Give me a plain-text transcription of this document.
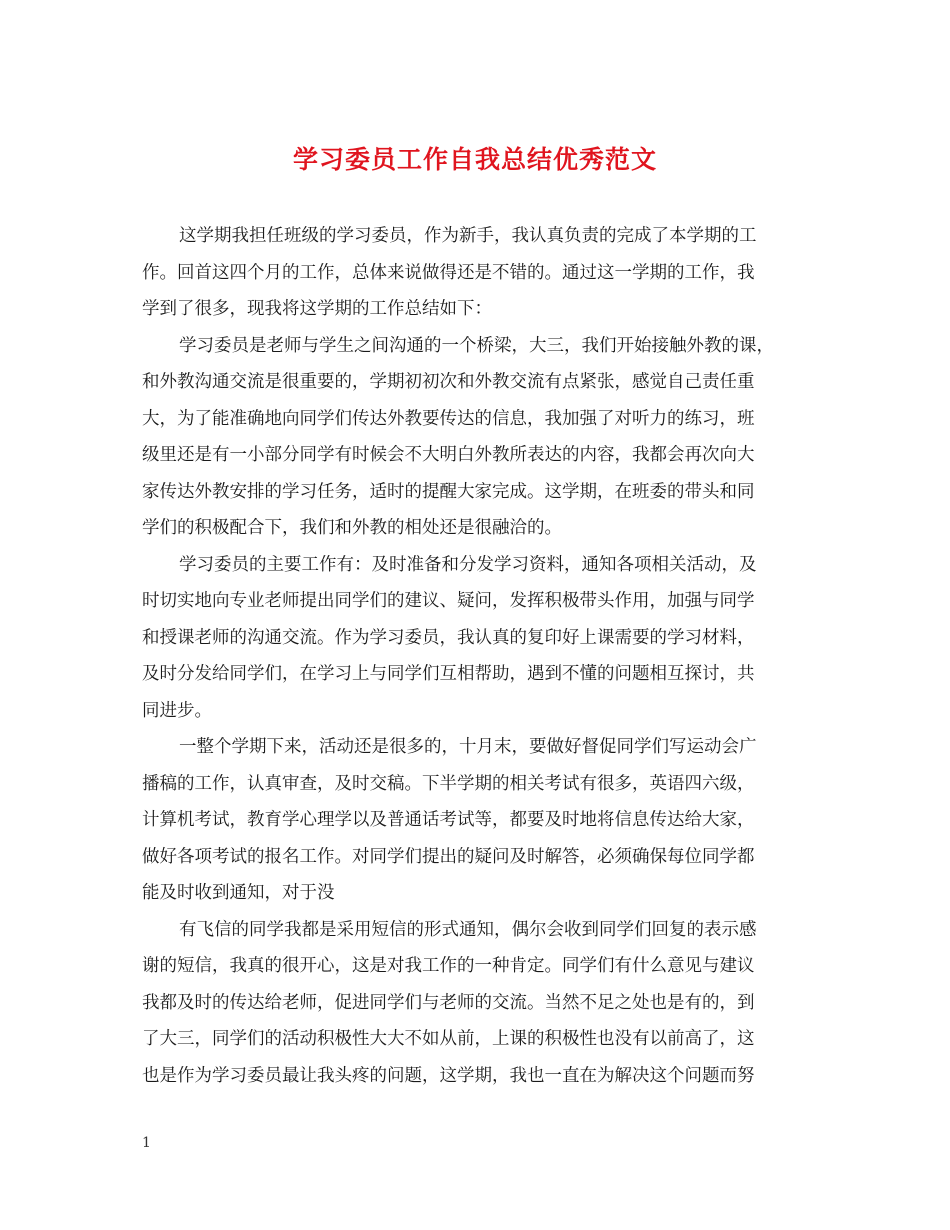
学习委员工作自我总结优秀范文
这学期我担任班级的学习委员，作为新手，我认真负责的完成了本学期的工
作。回首这四个月的工作，总体来说做得还是不错的。通过这一学期的工作，我
学到了很多，现我将这学期的工作总结如下：
学习委员是老师与学生之间沟通的一个桥梁，大三，我们开始接触外教的课，
和外教沟通交流是很重要的，学期初初次和外教交流有点紧张，感觉自己责任重
大，为了能准确地向同学们传达外教要传达的信息，我加强了对听力的练习，班
级里还是有一小部分同学有时候会不大明白外教所表达的内容，我都会再次向大
家传达外教安排的学习任务，适时的提醒大家完成。这学期，在班委的带头和同
学们的积极配合下，我们和外教的相处还是很融洽的。
学习委员的主要工作有：及时准备和分发学习资料，通知各项相关活动，及
时切实地向专业老师提出同学们的建议、疑问，发挥积极带头作用，加强与同学
和授课老师的沟通交流。作为学习委员，我认真的复印好上课需要的学习材料，
及时分发给同学们，在学习上与同学们互相帮助，遇到不懂的问题相互探讨，共
同进步。
一整个学期下来，活动还是很多的，十月末，要做好督促同学们写运动会广
播稿的工作，认真审查，及时交稿。下半学期的相关考试有很多，英语四六级，
计算机考试，教育学心理学以及普通话考试等，都要及时地将信息传达给大家，
做好各项考试的报名工作。对同学们提出的疑问及时解答，必须确保每位同学都
能及时收到通知，对于没
有飞信的同学我都是采用短信的形式通知，偶尔会收到同学们回复的表示感
谢的短信，我真的很开心，这是对我工作的一种肯定。同学们有什么意见与建议
我都及时的传达给老师，促进同学们与老师的交流。当然不足之处也是有的，到
了大三，同学们的活动积极性大大不如从前，上课的积极性也没有以前高了，这
也是作为学习委员最让我头疼的问题，这学期，我也一直在为解决这个问题而努
1
